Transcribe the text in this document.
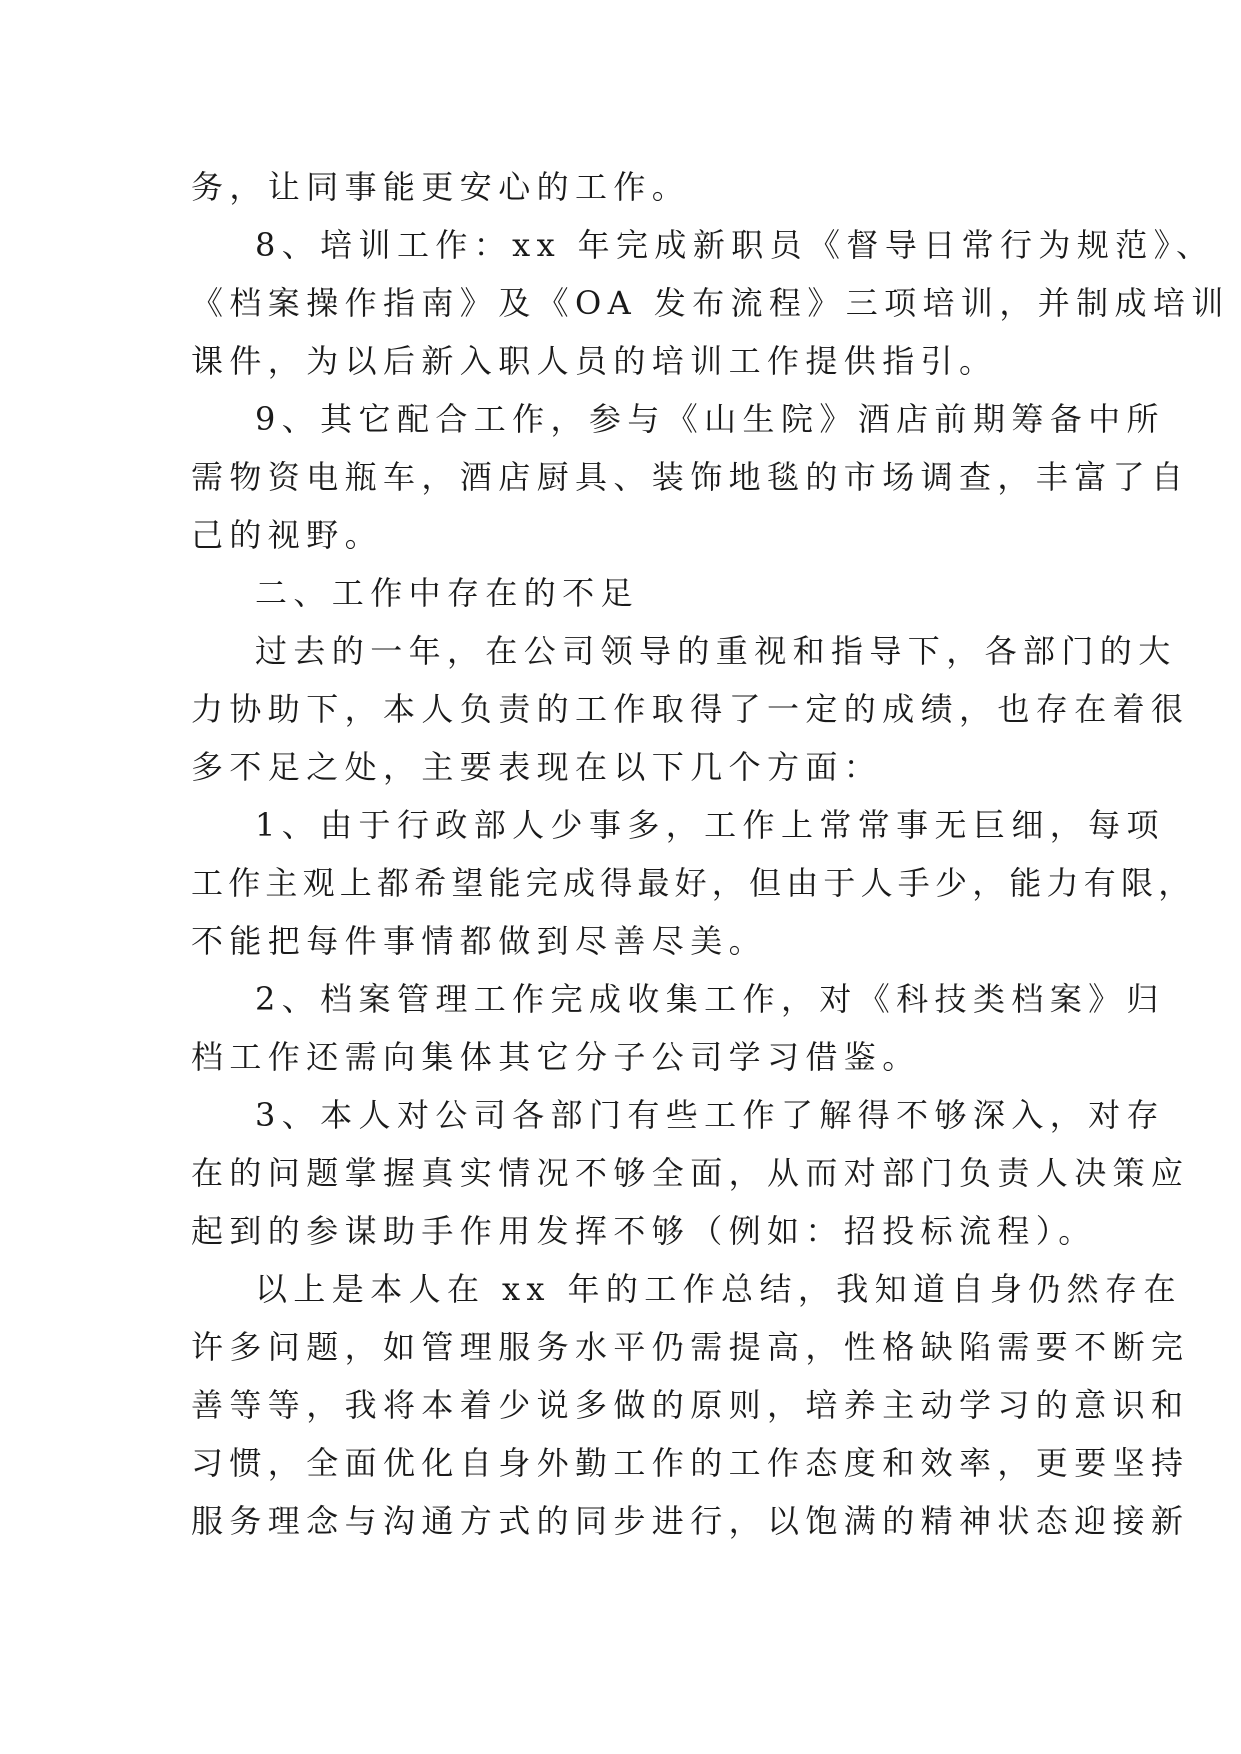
务，让同事能更安心的工作。
8、培训工作：xx 年完成新职员《督导日常行为规范》、
《档案操作指南》及《OA 发布流程》三项培训，并制成培训
课件，为以后新入职人员的培训工作提供指引。
9、其它配合工作，参与《山生院》酒店前期筹备中所
需物资电瓶车，酒店厨具、装饰地毯的市场调查，丰富了自
己的视野。
二、工作中存在的不足
过去的一年，在公司领导的重视和指导下，各部门的大
力协助下，本人负责的工作取得了一定的成绩，也存在着很
多不足之处，主要表现在以下几个方面：
1、由于行政部人少事多，工作上常常事无巨细，每项
工作主观上都希望能完成得最好，但由于人手少，能力有限，
不能把每件事情都做到尽善尽美。
2、档案管理工作完成收集工作，对《科技类档案》归
档工作还需向集体其它分子公司学习借鉴。
3、本人对公司各部门有些工作了解得不够深入，对存
在的问题掌握真实情况不够全面，从而对部门负责人决策应
起到的参谋助手作用发挥不够（例如：招投标流程）。
以上是本人在 xx 年的工作总结，我知道自身仍然存在
许多问题，如管理服务水平仍需提高，性格缺陷需要不断完
善等等，我将本着少说多做的原则，培养主动学习的意识和
习惯，全面优化自身外勤工作的工作态度和效率，更要坚持
服务理念与沟通方式的同步进行，以饱满的精神状态迎接新
